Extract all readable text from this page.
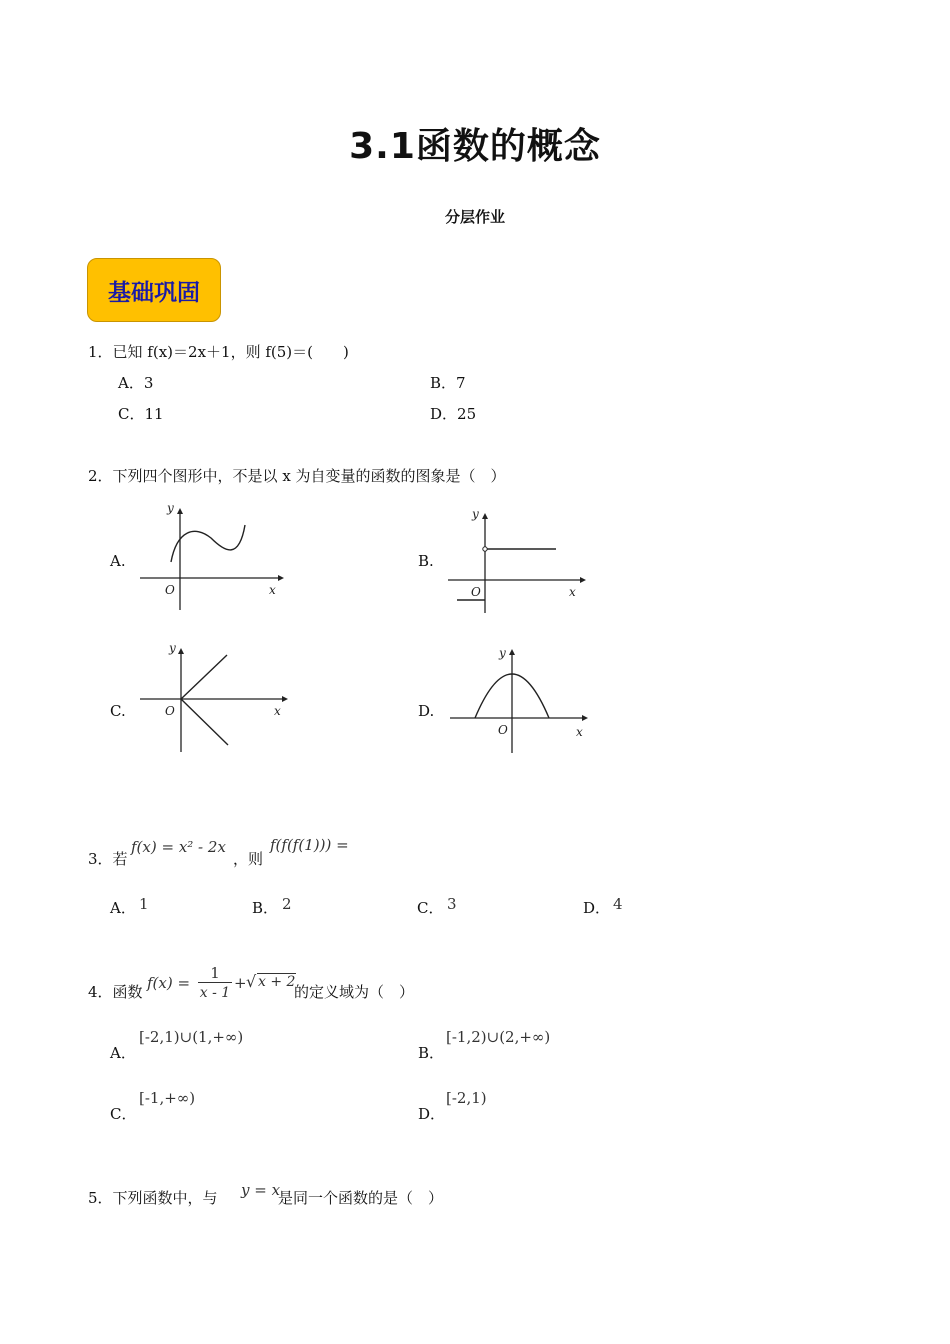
3.1函数的概念
分层作业
基础巩固
1．已知 f(x)＝2x＋1，则 f(5)＝(　　)
A．3	B．7
C．11	D．25
2．下列四个图形中，不是以 x 为自变量的函数的图象是（　）
A.
y
O	x
B.
y
O	x
C.
y
O	x	D.
y
O	x
3．若
f(x) = x² - 2x
，则
f(f(f(1))) =
A． 1	B． 2	C． 3	D． 4
4．函数 $f(x) = \frac{1}{x - 1}$ + √ x + 2
的定义域为（　）
A．
[-2,1)∪(1,+∞)
B．
[-1,2)∪(2,+∞)
C．
[-1,+∞)
D．
[-2,1)
5．下列函数中，与 y = x
是同一个函数的是（　）
